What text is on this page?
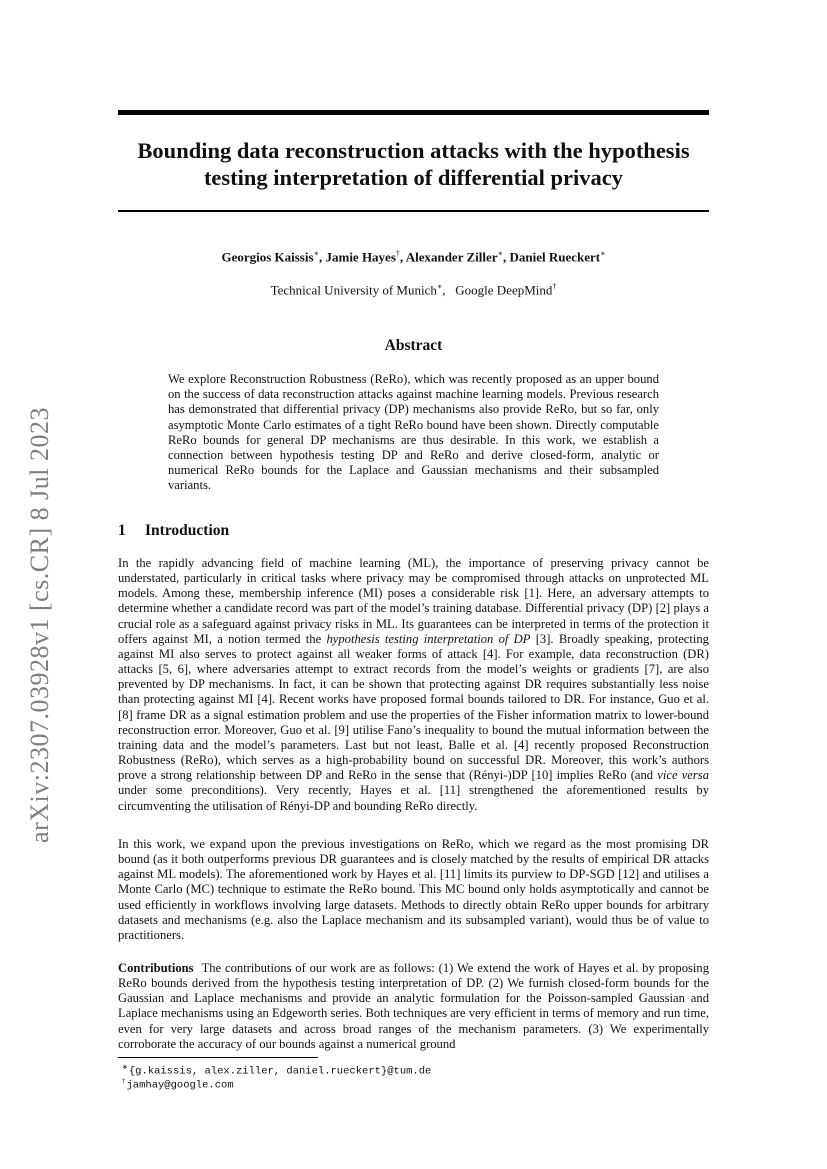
arXiv:2307.03928v1 [cs.CR] 8 Jul 2023
Bounding data reconstruction attacks with the hypothesis
testing interpretation of differential privacy
Georgios Kaissis∗, Jamie Hayes†, Alexander Ziller∗, Daniel Rueckert∗
Technical University of Munich∗,   Google DeepMind†
Abstract

We explore Reconstruction Robustness (ReRo), which was recently proposed as an upper bound on the success of data reconstruction attacks against machine learning models. Previous research has demonstrated that differential privacy (DP) mechanisms also provide ReRo, but so far, only asymptotic Monte Carlo estimates of a tight ReRo bound have been shown. Directly computable ReRo bounds for general DP mechanisms are thus desirable. In this work, we establish a connection between hypothesis testing DP and ReRo and derive closed-form, analytic or numerical ReRo bounds for the Laplace and Gaussian mechanisms and their subsampled variants.

1 Introduction

In the rapidly advancing field of machine learning (ML), the importance of preserving privacy cannot be understated, particularly in critical tasks where privacy may be compromised through attacks on unprotected ML models. Among these, membership inference (MI) poses a considerable risk [1]. Here, an adversary attempts to determine whether a candidate record was part of the model’s training database. Differential privacy (DP) [2] plays a crucial role as a safeguard against privacy risks in ML. Its guarantees can be interpreted in terms of the protection it offers against MI, a notion termed the hypothesis testing interpretation of DP [3]. Broadly speaking, protecting against MI also serves to protect against all weaker forms of attack [4]. For example, data reconstruction (DR) attacks [5, 6], where adversaries attempt to extract records from the model’s weights or gradients [7], are also prevented by DP mechanisms. In fact, it can be shown that protecting against DR requires substantially less noise than protecting against MI [4]. Recent works have proposed formal bounds tailored to DR. For instance, Guo et al. [8] frame DR as a signal estimation problem and use the properties of the Fisher information matrix to lower-bound reconstruction error. Moreover, Guo et al. [9] utilise Fano’s inequality to bound the mutual information between the training data and the model’s parameters. Last but not least, Balle et al. [4] recently proposed Reconstruction Robustness (ReRo), which serves as a high-probability bound on successful DR. Moreover, this work’s authors prove a strong relationship between DP and ReRo in the sense that (Rényi-)DP [10] implies ReRo (and vice versa under some preconditions). Very recently, Hayes et al. [11] strengthened the aforementioned results by circumventing the utilisation of Rényi-DP and bounding ReRo directly.

In this work, we expand upon the previous investigations on ReRo, which we regard as the most promising DR bound (as it both outperforms previous DR guarantees and is closely matched by the results of empirical DR attacks against ML models). The aforementioned work by Hayes et al. [11] limits its purview to DP-SGD [12] and utilises a Monte Carlo (MC) technique to estimate the ReRo bound. This MC bound only holds asymptotically and cannot be used efficiently in workflows involving large datasets. Methods to directly obtain ReRo upper bounds for arbitrary datasets and mechanisms (e.g. also the Laplace mechanism and its subsampled variant), would thus be of value to practitioners.

Contributions The contributions of our work are as follows: (1) We extend the work of Hayes et al. by proposing ReRo bounds derived from the hypothesis testing interpretation of DP. (2) We furnish closed-form bounds for the Gaussian and Laplace mechanisms and provide an analytic formulation for the Poisson-sampled Gaussian and Laplace mechanisms using an Edgeworth series. Both techniques are very efficient in terms of memory and run time, even for very large datasets and across broad ranges of the mechanism parameters. (3) We experimentally corroborate the accuracy of our bounds against a numerical ground

∗{g.kaissis, alex.ziller, daniel.rueckert}@tum.de
†jamhay@google.com
